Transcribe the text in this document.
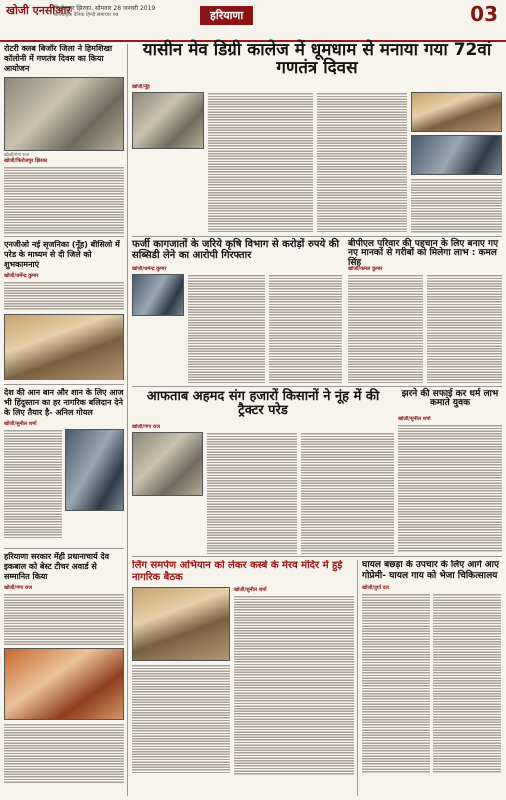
खोजी एनसीआर
फिरोजपुर झिरका, सोमवार 28 जनवरी 2019
साप्ताहिक दैनिक हिन्दी समाचार पत्र	हरियाणा	03
रोटरी क्लब बिजॉर जिला ने हिमशिखा कॉलोनी में गणतंत्र दिवस का किया आयोजन
खोजी/गंगा राज
खोजी/फिरोजपुर झिरका
एनजीओ नई सृजनिका (नूँह) बीसिलो में परेड के माध्यम से दी जिले को शुभकामनाएं
खोजी/धर्मेन्द्र कुमार
देश की आन बान और शान के लिए आज भी हिंदुस्तान का हर नागरिक बलिदान देने के लिए तैयार है- अनिल गोयल
खोजी/सुनील शर्मा
हरियाणा सरकार मेंही प्रधानाचार्य देव इकबाल को बेस्ट टीचर अवार्ड से सम्मानित किया
खोजी/गंगा राज
यासीन मेव डिग्री कालेज में धूमधाम से मनाया गया 72वां गणतंत्र दिवस
खोजी/नूँह
फर्जी कागजातों के जरिये कृषि विभाग से करोड़ों रुपये की सब्सिडी लेने का आरोपी गिरफ्तार
बीपीएल परिवार की पहचान के लिए बनाए गए नए मानकों से गरीबों को मिलेगा लाभ : कमल सिंह
खोजी/धर्मेन्द्र कुमार	खोजी/कमल कुमार
आफताब अहमद संग हजारों किसानों ने नूंह में की ट्रैक्टर परेड
खोजी/गंगा राज
झरने की सफाई कर धर्म लाभ कमाते युवक
खोजी/सुनील शर्मा
लिंग समर्पण अभियान को लेकर कस्बे के मेरव मंदिर में हुई नागरिक बैठक
खोजी/सुनील शर्मा
घायल बछड़ा के उपचार के लिए आगे आए गोप्रेमी- घायल गाय को भेजा चिकित्सालय
खोजी/दुर्गा दत्त
